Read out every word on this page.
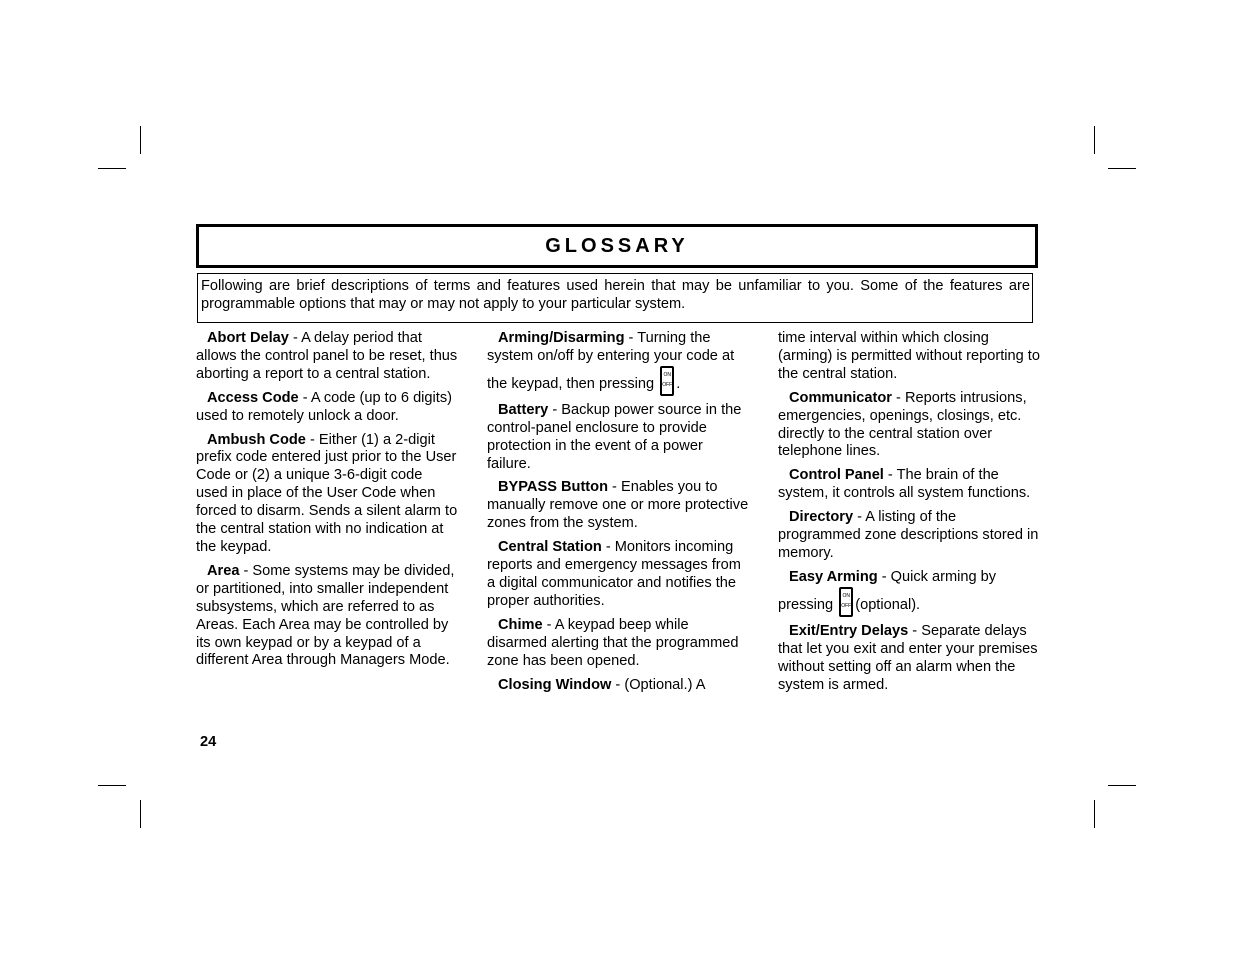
GLOSSARY
Following are brief descriptions of terms and features used herein that may be unfamiliar to you. Some of the features are programmable options that may or may not apply to your particular system.

Abort Delay - A delay period that allows the control panel to be reset, thus aborting a report to a central station.

Access Code - A code (up to 6 digits) used to remotely unlock a door.

Ambush Code - Either (1) a 2-digit prefix code entered just prior to the User Code or (2) a unique 3-6-digit code used in place of the User Code when forced to disarm. Sends a silent alarm to the central station with no indication at the keypad.

Area - Some systems may be divided, or partitioned, into smaller independent subsystems, which are referred to as Areas. Each Area may be controlled by its own keypad or by a keypad of a different Area through Managers Mode.

Arming/Disarming - Turning the system on/off by entering your code at the keypad, then pressing
ON
OFF .

Battery - Backup power source in the control-panel enclosure to provide protection in the event of a power failure.

BYPASS Button - Enables you to manually remove one or more protective zones from the system.

Central Station - Monitors incoming reports and emergency messages from a digital communicator and notifies the proper authorities.

Chime - A keypad beep while disarmed alerting that the programmed zone has been opened.

Closing Window - (Optional.) A

time interval within which closing (arming) is permitted without reporting to the central station.

Communicator - Reports intrusions, emergencies, openings, closings, etc. directly to the central station over telephone lines.

Control Panel - The brain of the system, it controls all system functions.

Directory - A listing of the programmed zone descriptions stored in memory.

Easy Arming - Quick arming by pressing
ON
OFF (optional).

Exit/Entry Delays - Separate delays that let you exit and enter your premises without setting off an alarm when the system is armed.

24
